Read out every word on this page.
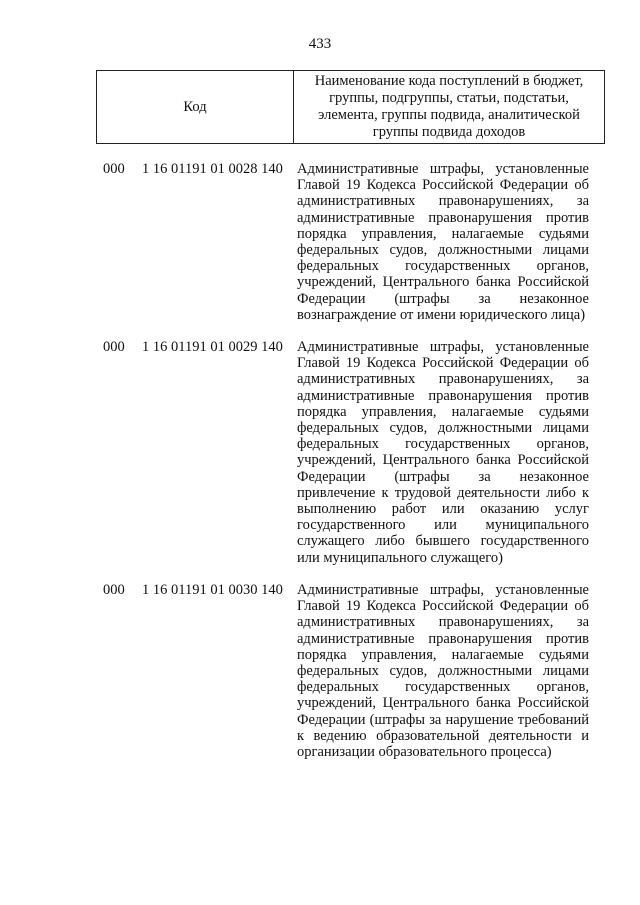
433
Код
Наименование кода поступлений в бюджет, группы, подгруппы, статьи, подстатьи, элемента, группы подвида, аналитической группы подвида доходов
000 1 16 01191 01 0028 140 Административные штрафы, установленные Главой 19 Кодекса Российской Федерации об административных правонарушениях, за административные правонарушения против порядка управления, налагаемые судьями федеральных судов, должностными лицами федеральных государственных органов, учреждений, Центрального банка Российской Федерации (штрафы за незаконное вознаграждение от имени юридического лица)
000 1 16 01191 01 0029 140 Административные штрафы, установленные Главой 19 Кодекса Российской Федерации об административных правонарушениях, за административные правонарушения против порядка управления, налагаемые судьями федеральных судов, должностными лицами федеральных государственных органов, учреждений, Центрального банка Российской Федерации (штрафы за незаконное привлечение к трудовой деятельности либо к выполнению работ или оказанию услуг государственного или муниципального служащего либо бывшего государственного или муниципального служащего)
000 1 16 01191 01 0030 140 Административные штрафы, установленные Главой 19 Кодекса Российской Федерации об административных правонарушениях, за административные правонарушения против порядка управления, налагаемые судьями федеральных судов, должностными лицами федеральных государственных органов, учреждений, Центрального банка Российской Федерации (штрафы за нарушение требований к ведению образовательной деятельности и организации образовательного процесса)
